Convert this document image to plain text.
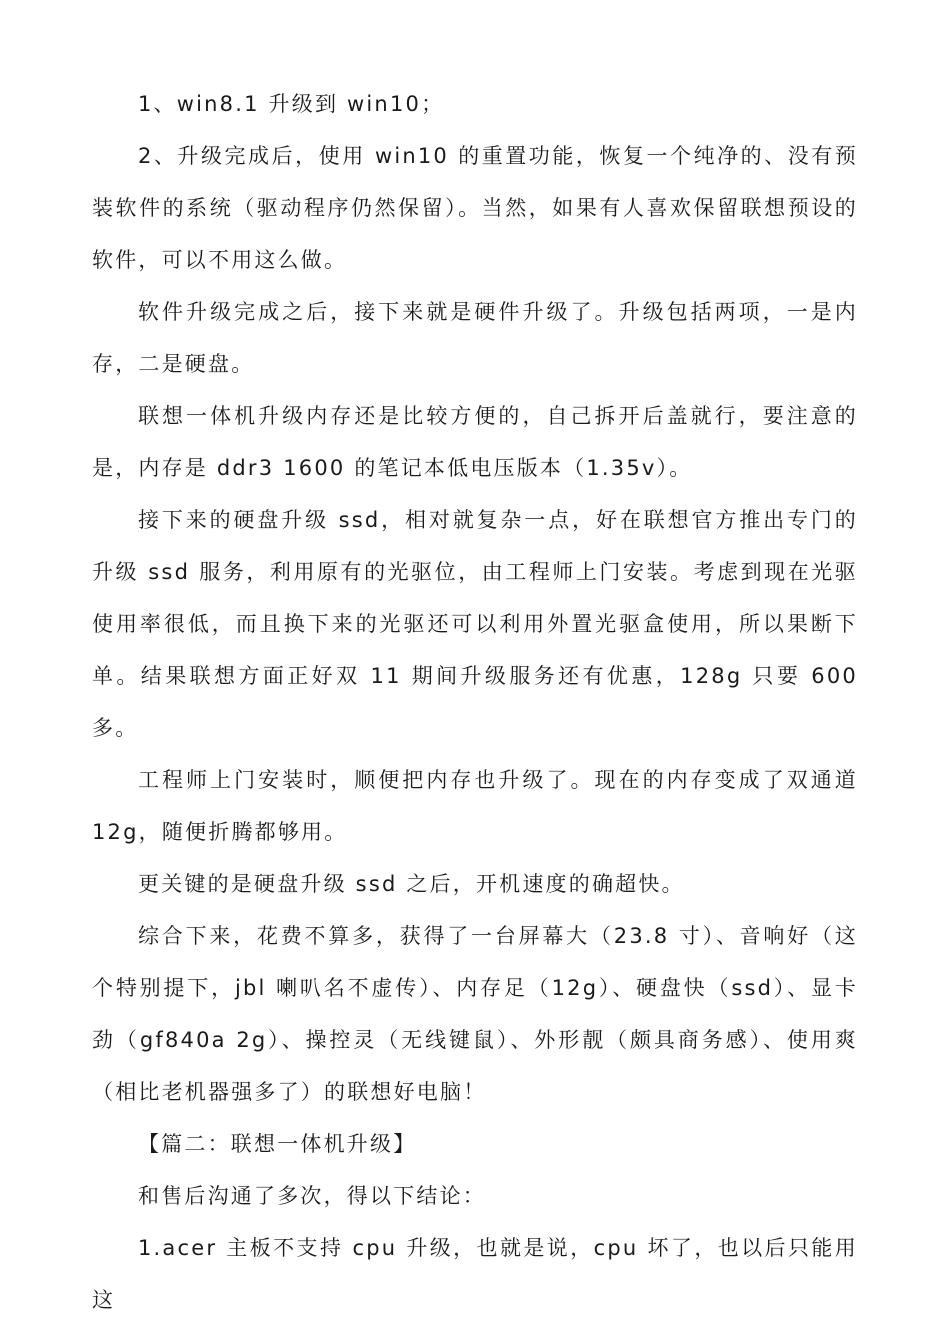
1、win8.1 升级到 win10；

2、升级完成后，使用 win10 的重置功能，恢复一个纯净的、没有预装软件的系统（驱动程序仍然保留）。当然，如果有人喜欢保留联想预设的软件，可以不用这么做。

软件升级完成之后，接下来就是硬件升级了。升级包括两项，一是内存，二是硬盘。

联想一体机升级内存还是比较方便的，自己拆开后盖就行，要注意的是，内存是 ddr3 1600 的笔记本低电压版本（1.35v）。

接下来的硬盘升级 ssd，相对就复杂一点，好在联想官方推出专门的升级 ssd 服务，利用原有的光驱位，由工程师上门安装。考虑到现在光驱使用率很低，而且换下来的光驱还可以利用外置光驱盒使用，所以果断下单。结果联想方面正好双 11 期间升级服务还有优惠，128g 只要 600 多。

工程师上门安装时，顺便把内存也升级了。现在的内存变成了双通道 12g，随便折腾都够用。

更关键的是硬盘升级 ssd 之后，开机速度的确超快。

综合下来，花费不算多，获得了一台屏幕大（23.8 寸）、音响好（这个特别提下，jbl 喇叭名不虚传）、内存足（12g）、硬盘快（ssd）、显卡劲（gf840a 2g）、操控灵（无线键鼠）、外形靓（颇具商务感）、使用爽（相比老机器强多了）的联想好电脑！

【篇二：联想一体机升级】

和售后沟通了多次，得以下结论：

1.acer 主板不支持 cpu 升级，也就是说，cpu 坏了，也以后只能用这
